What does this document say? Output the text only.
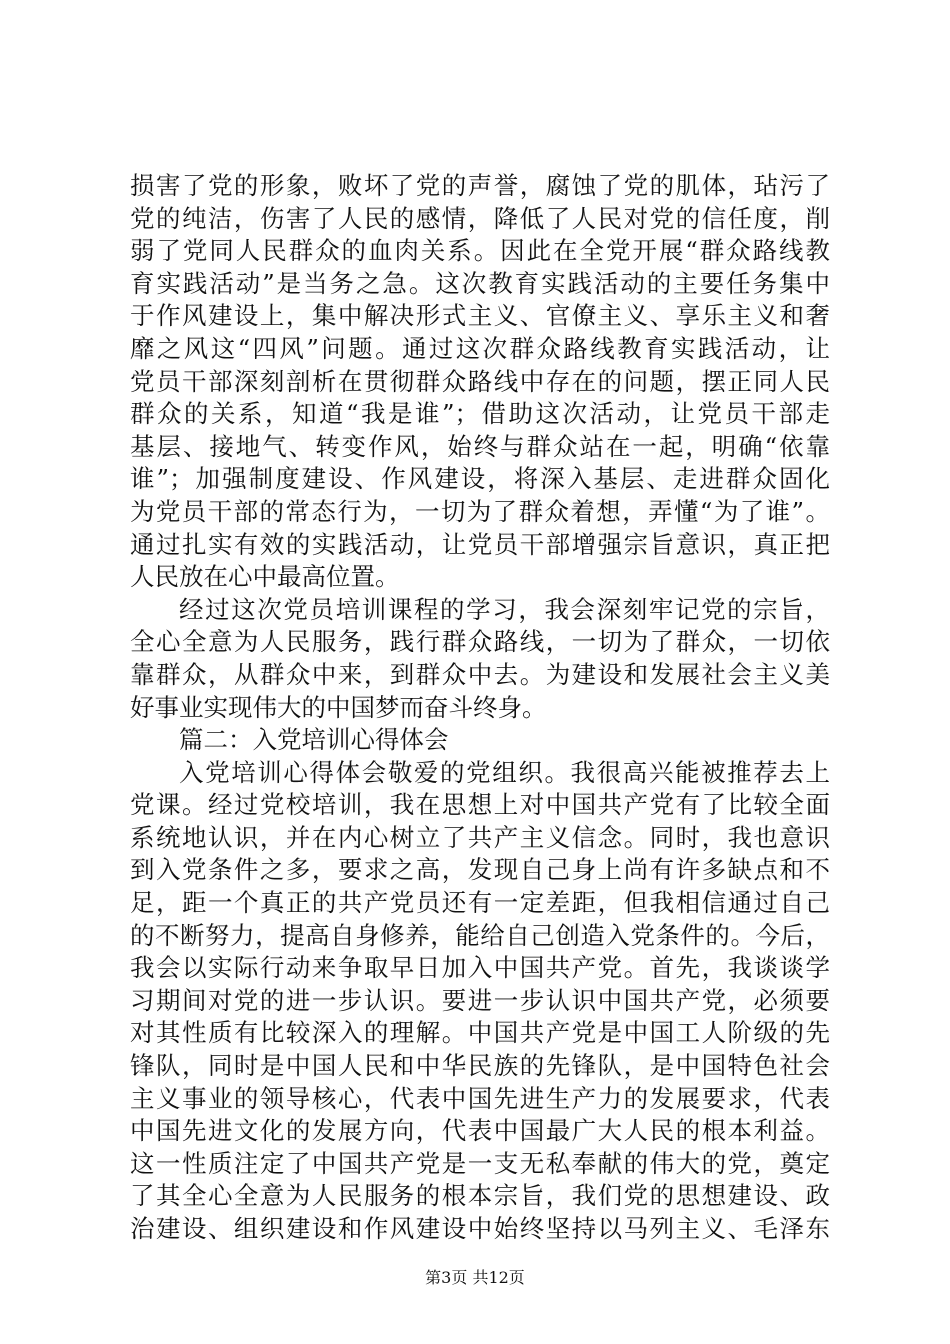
损害了党的形象，败坏了党的声誉，腐蚀了党的肌体，玷污了
党的纯洁，伤害了人民的感情，降低了人民对党的信任度，削
弱了党同人民群众的血肉关系。因此在全党开展“群众路线教
育实践活动”是当务之急。这次教育实践活动的主要任务集中
于作风建设上，集中解决形式主义、官僚主义、享乐主义和奢
靡之风这“四风”问题。通过这次群众路线教育实践活动，让
党员干部深刻剖析在贯彻群众路线中存在的问题，摆正同人民
群众的关系，知道“我是谁”；借助这次活动，让党员干部走
基层、接地气、转变作风，始终与群众站在一起，明确“依靠
谁”；加强制度建设、作风建设，将深入基层、走进群众固化
为党员干部的常态行为，一切为了群众着想，弄懂“为了谁”。
通过扎实有效的实践活动，让党员干部增强宗旨意识，真正把
人民放在心中最高位置。
经过这次党员培训课程的学习，我会深刻牢记党的宗旨，
全心全意为人民服务，践行群众路线，一切为了群众，一切依
靠群众，从群众中来，到群众中去。为建设和发展社会主义美
好事业实现伟大的中国梦而奋斗终身。
篇二：入党培训心得体会
入党培训心得体会敬爱的党组织。我很高兴能被推荐去上
党课。经过党校培训，我在思想上对中国共产党有了比较全面
系统地认识，并在内心树立了共产主义信念。同时，我也意识
到入党条件之多，要求之高，发现自己身上尚有许多缺点和不
足，距一个真正的共产党员还有一定差距，但我相信通过自己
的不断努力，提高自身修养，能给自己创造入党条件的。今后，
我会以实际行动来争取早日加入中国共产党。首先，我谈谈学
习期间对党的进一步认识。要进一步认识中国共产党，必须要
对其性质有比较深入的理解。中国共产党是中国工人阶级的先
锋队，同时是中国人民和中华民族的先锋队，是中国特色社会
主义事业的领导核心，代表中国先进生产力的发展要求，代表
中国先进文化的发展方向，代表中国最广大人民的根本利益。
这一性质注定了中国共产党是一支无私奉献的伟大的党，奠定
了其全心全意为人民服务的根本宗旨，我们党的思想建设、政
治建设、组织建设和作风建设中始终坚持以马列主义、毛泽东
第3页 共12页
